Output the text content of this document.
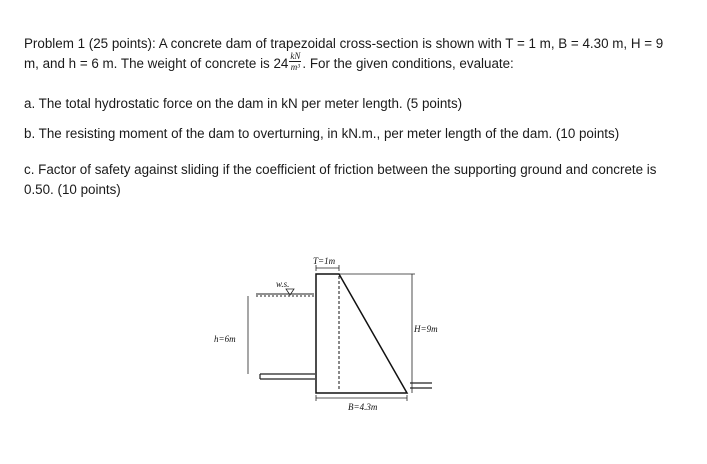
Problem 1 (25 points): A concrete dam of trapezoidal cross-section is shown with T = 1 m, B = 4.30 m, H = 9 m, and h = 6 m. The weight of concrete is $24 \frac{kN}{\text{m³}}$ . For the given conditions, evaluate:

a. The total hydrostatic force on the dam in kN per meter length. (5 points)

b. The resisting moment of the dam to overturning, in kN.m., per meter length of the dam. (10 points)

c. Factor of safety against sliding if the coefficient of friction between the supporting ground and concrete is 0.50. (10 points)

w.s.
T=1m
H=9m
h=6m
B=4.3m
